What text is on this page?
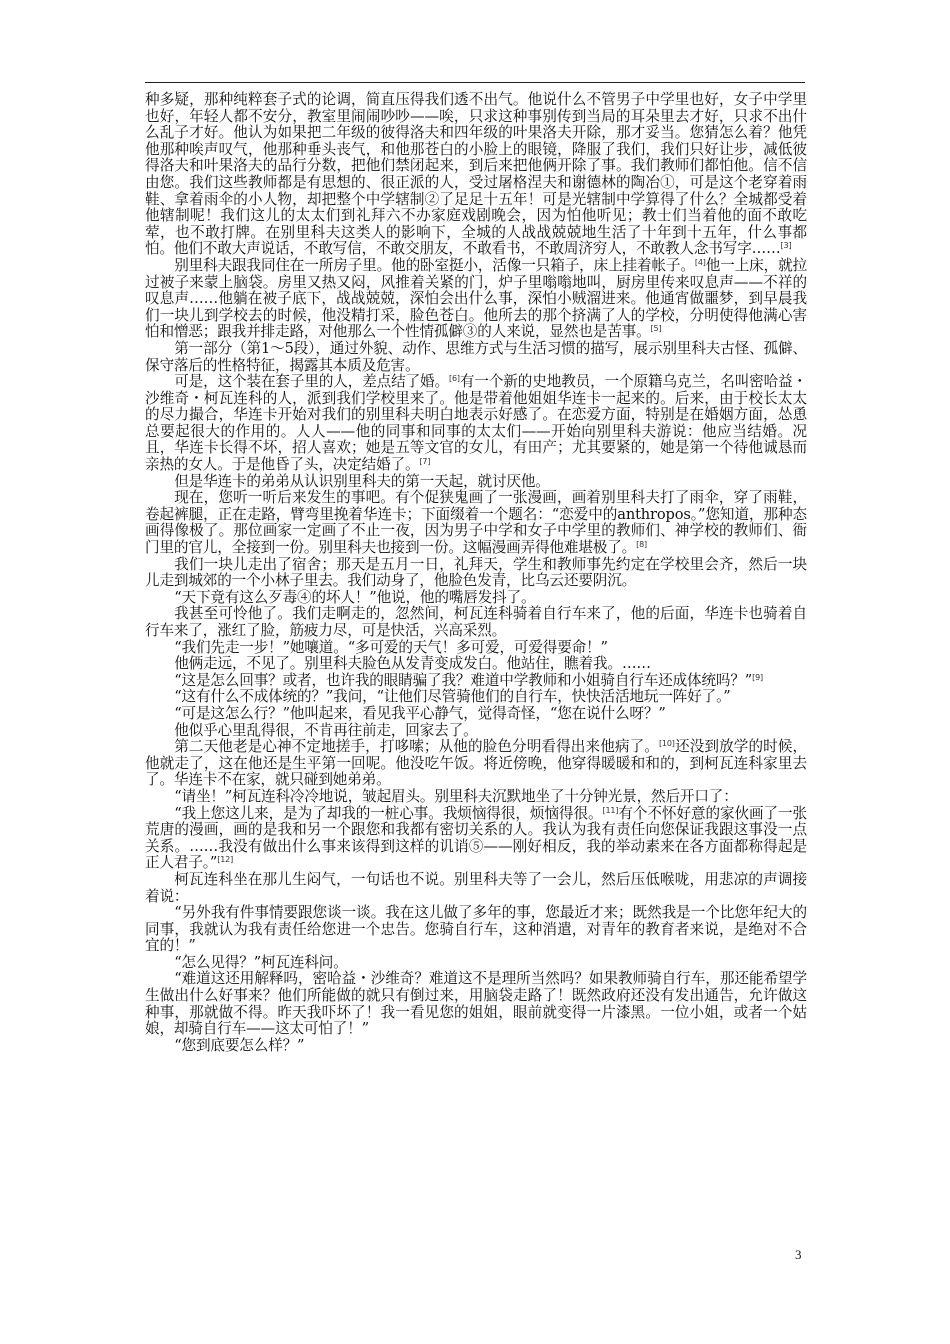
种多疑，那种纯粹套子式的论调，简直压得我们透不出气。他说什么不管男子中学里也好，女子中学里也好，年轻人都不安分，教室里闹闹吵吵——唉，只求这种事别传到当局的耳朵里去才好，只求不出什么乱子才好。他认为如果把二年级的彼得洛夫和四年级的叶果洛夫开除，那才妥当。您猜怎么着？他凭他那种唉声叹气，他那种垂头丧气，和他那苍白的小脸上的眼镜，降服了我们，我们只好让步，减低彼得洛夫和叶果洛夫的品行分数，把他们禁闭起来，到后来把他俩开除了事。我们教师们都怕他。信不信由您。我们这些教师都是有思想的、很正派的人，受过屠格涅夫和谢德林的陶冶①，可是这个老穿着雨鞋、拿着雨伞的小人物，却把整个中学辖制②了足足十五年！可是光辖制中学算得了什么？全城都受着他辖制呢！我们这儿的太太们到礼拜六不办家庭戏剧晚会，因为怕他听见；教士们当着他的面不敢吃荤，也不敢打牌。在别里科夫这类人的影响下，全城的人战战兢兢地生活了十年到十五年，什么事都怕。他们不敢大声说话，不敢写信，不敢交朋友，不敢看书，不敢周济穷人，不敢教人念书写字……[3]

别里科夫跟我同住在一所房子里。他的卧室挺小，活像一只箱子，床上挂着帐子。[4]他一上床，就拉过被子来蒙上脑袋。房里又热又闷，风推着关紧的门，炉子里嗡嗡地叫，厨房里传来叹息声——不祥的叹息声……他躺在被子底下，战战兢兢，深怕会出什么事，深怕小贼溜进来。他通宵做噩梦，到早晨我们一块儿到学校去的时候，他没精打采，脸色苍白。他所去的那个挤满了人的学校，分明使得他满心害怕和憎恶；跟我并排走路，对他那么一个性情孤僻③的人来说，显然也是苦事。[5]

第一部分（第1～5段），通过外貌、动作、思维方式与生活习惯的描写，展示别里科夫古怪、孤僻、保守落后的性格特征，揭露其本质及危害。

可是，这个装在套子里的人，差点结了婚。[6]有一个新的史地教员，一个原籍乌克兰，名叫密哈益・沙维奇・柯瓦连科的人，派到我们学校里来了。他是带着他姐姐华连卡一起来的。后来，由于校长太太的尽力撮合，华连卡开始对我们的别里科夫明白地表示好感了。在恋爱方面，特别是在婚姻方面，怂恿总要起很大的作用的。人人——他的同事和同事的太太们——开始向别里科夫游说：他应当结婚。况且，华连卡长得不坏，招人喜欢；她是五等文官的女儿，有田产；尤其要紧的，她是第一个待他诚恳而亲热的女人。于是他昏了头，决定结婚了。[7]

但是华连卡的弟弟从认识别里科夫的第一天起，就讨厌他。

现在，您听一听后来发生的事吧。有个促狭鬼画了一张漫画，画着别里科夫打了雨伞，穿了雨鞋，卷起裤腿，正在走路，臂弯里挽着华连卡；下面缀着一个题名：“恋爱中的anthropos。”您知道，那种态画得像极了。那位画家一定画了不止一夜，因为男子中学和女子中学里的教师们、神学校的教师们、衙门里的官儿，全接到一份。别里科夫也接到一份。这幅漫画弄得他难堪极了。[8]

我们一块儿走出了宿舍；那天是五月一日，礼拜天，学生和教师事先约定在学校里会齐，然后一块儿走到城郊的一个小林子里去。我们动身了，他脸色发青，比乌云还要阴沉。

“天下竟有这么歹毒④的坏人！”他说，他的嘴唇发抖了。

我甚至可怜他了。我们走啊走的，忽然间，柯瓦连科骑着自行车来了，他的后面，华连卡也骑着自行车来了，涨红了脸，筋疲力尽，可是快活，兴高采烈。

“我们先走一步！”她嚷道。“多可爱的天气！多可爱，可爱得要命！”

他俩走远，不见了。别里科夫脸色从发青变成发白。他站住，瞧着我。……

“这是怎么回事？或者，也许我的眼睛骗了我？难道中学教师和小姐骑自行车还成体统吗？”[9]

“这有什么不成体统的？”我问，“让他们尽管骑他们的自行车，快快活活地玩一阵好了。”

“可是这怎么行？”他叫起来，看见我平心静气，觉得奇怪，“您在说什么呀？”

他似乎心里乱得很，不肯再往前走，回家去了。

第二天他老是心神不定地搓手，打哆嗦；从他的脸色分明看得出来他病了。[10]还没到放学的时候，他就走了，这在他还是生平第一回呢。他没吃午饭。将近傍晚，他穿得暖暖和和的，到柯瓦连科家里去了。华连卡不在家，就只碰到她弟弟。

“请坐！”柯瓦连科冷冷地说，皱起眉头。别里科夫沉默地坐了十分钟光景，然后开口了：

“我上您这儿来，是为了却我的一桩心事。我烦恼得很，烦恼得很。[11]有个不怀好意的家伙画了一张荒唐的漫画，画的是我和另一个跟您和我都有密切关系的人。我认为我有责任向您保证我跟这事没一点关系。……我没有做出什么事来该得到这样的讥诮⑤——刚好相反，我的举动素来在各方面都称得起是正人君子。”[12]

柯瓦连科坐在那儿生闷气，一句话也不说。别里科夫等了一会儿，然后压低喉咙，用悲凉的声调接着说：

“另外我有件事情要跟您谈一谈。我在这儿做了多年的事，您最近才来；既然我是一个比您年纪大的同事，我就认为我有责任给您进一个忠告。您骑自行车，这种消遣，对青年的教育者来说，是绝对不合宜的！”

“怎么见得？”柯瓦连科问。

“难道这还用解释吗，密哈益・沙维奇？难道这不是理所当然吗？如果教师骑自行车，那还能希望学生做出什么好事来？他们所能做的就只有倒过来，用脑袋走路了！既然政府还没有发出通告，允许做这种事，那就做不得。昨天我吓坏了！我一看见您的姐姐，眼前就变得一片漆黑。一位小姐，或者一个姑娘，却骑自行车——这太可怕了！”

“您到底要怎么样？”

3
